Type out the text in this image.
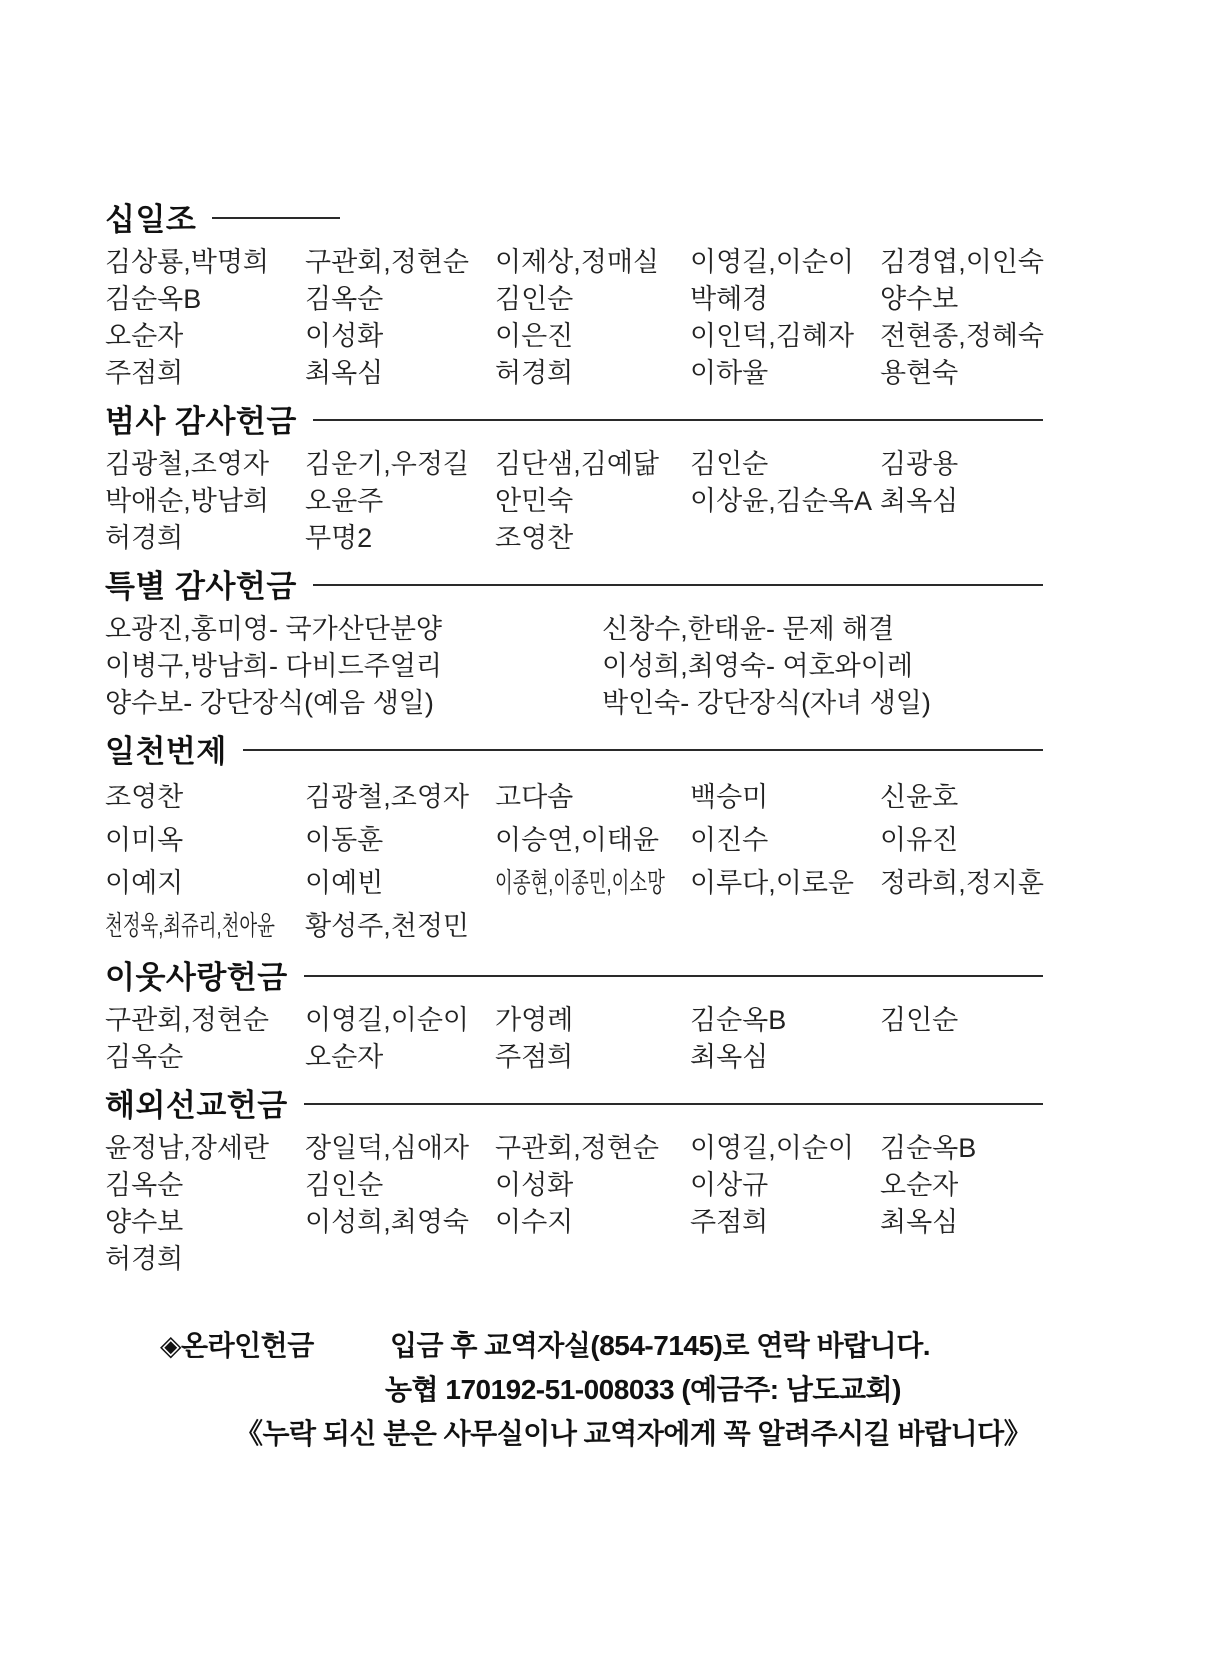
십일조
김상룡,박명희	구관회,정현순 이제상,정매실	이영길,이순이 김경엽,이인숙
김순옥B	김옥순	김인순	박혜경	양수보
오순자	이성화	이은진	이인덕,김혜자 전현종,정혜숙
주점희	최옥심	허경희	이하율	용현숙
범사 감사헌금
김광철,조영자	김운기,우정길 김단샘,김예닮	김인순	김광용
박애순,방남희	오윤주	안민숙	이상윤,김순옥A 최옥심
허경희	무명2	조영찬
특별 감사헌금
오광진,홍미영- 국가산단분양	신창수,한태윤- 문제 해결
이병구,방남희- 다비드주얼리	이성희,최영숙- 여호와이레
양수보- 강단장식(예음 생일)	박인숙- 강단장식(자녀 생일)
일천번제
조영찬	김광철,조영자 고다솜	백승미	신윤호
이미옥	이동훈	이승연,이태윤	이진수	이유진
이예지	이예빈	이종현,이종민,이소망 이루다,이로운 정라희,정지훈
천정욱,최쥬리,천아윤 황성주,천정민
이웃사랑헌금
구관회,정현순	이영길,이순이 가영례	김순옥B	김인순
김옥순	오순자	주점희	최옥심
해외선교헌금
윤정남,장세란	장일덕,심애자 구관회,정현순	이영길,이순이 김순옥B
김옥순	김인순	이성화	이상규	오순자
양수보	이성희,최영숙 이수지	주점희	최옥심
허경희
◈온라인헌금	입금 후 교역자실(854-7145)로 연락 바랍니다.
농협 170192-51-008033 (예금주: 남도교회)
《누락 되신 분은 사무실이나 교역자에게 꼭 알려주시길 바랍니다》
